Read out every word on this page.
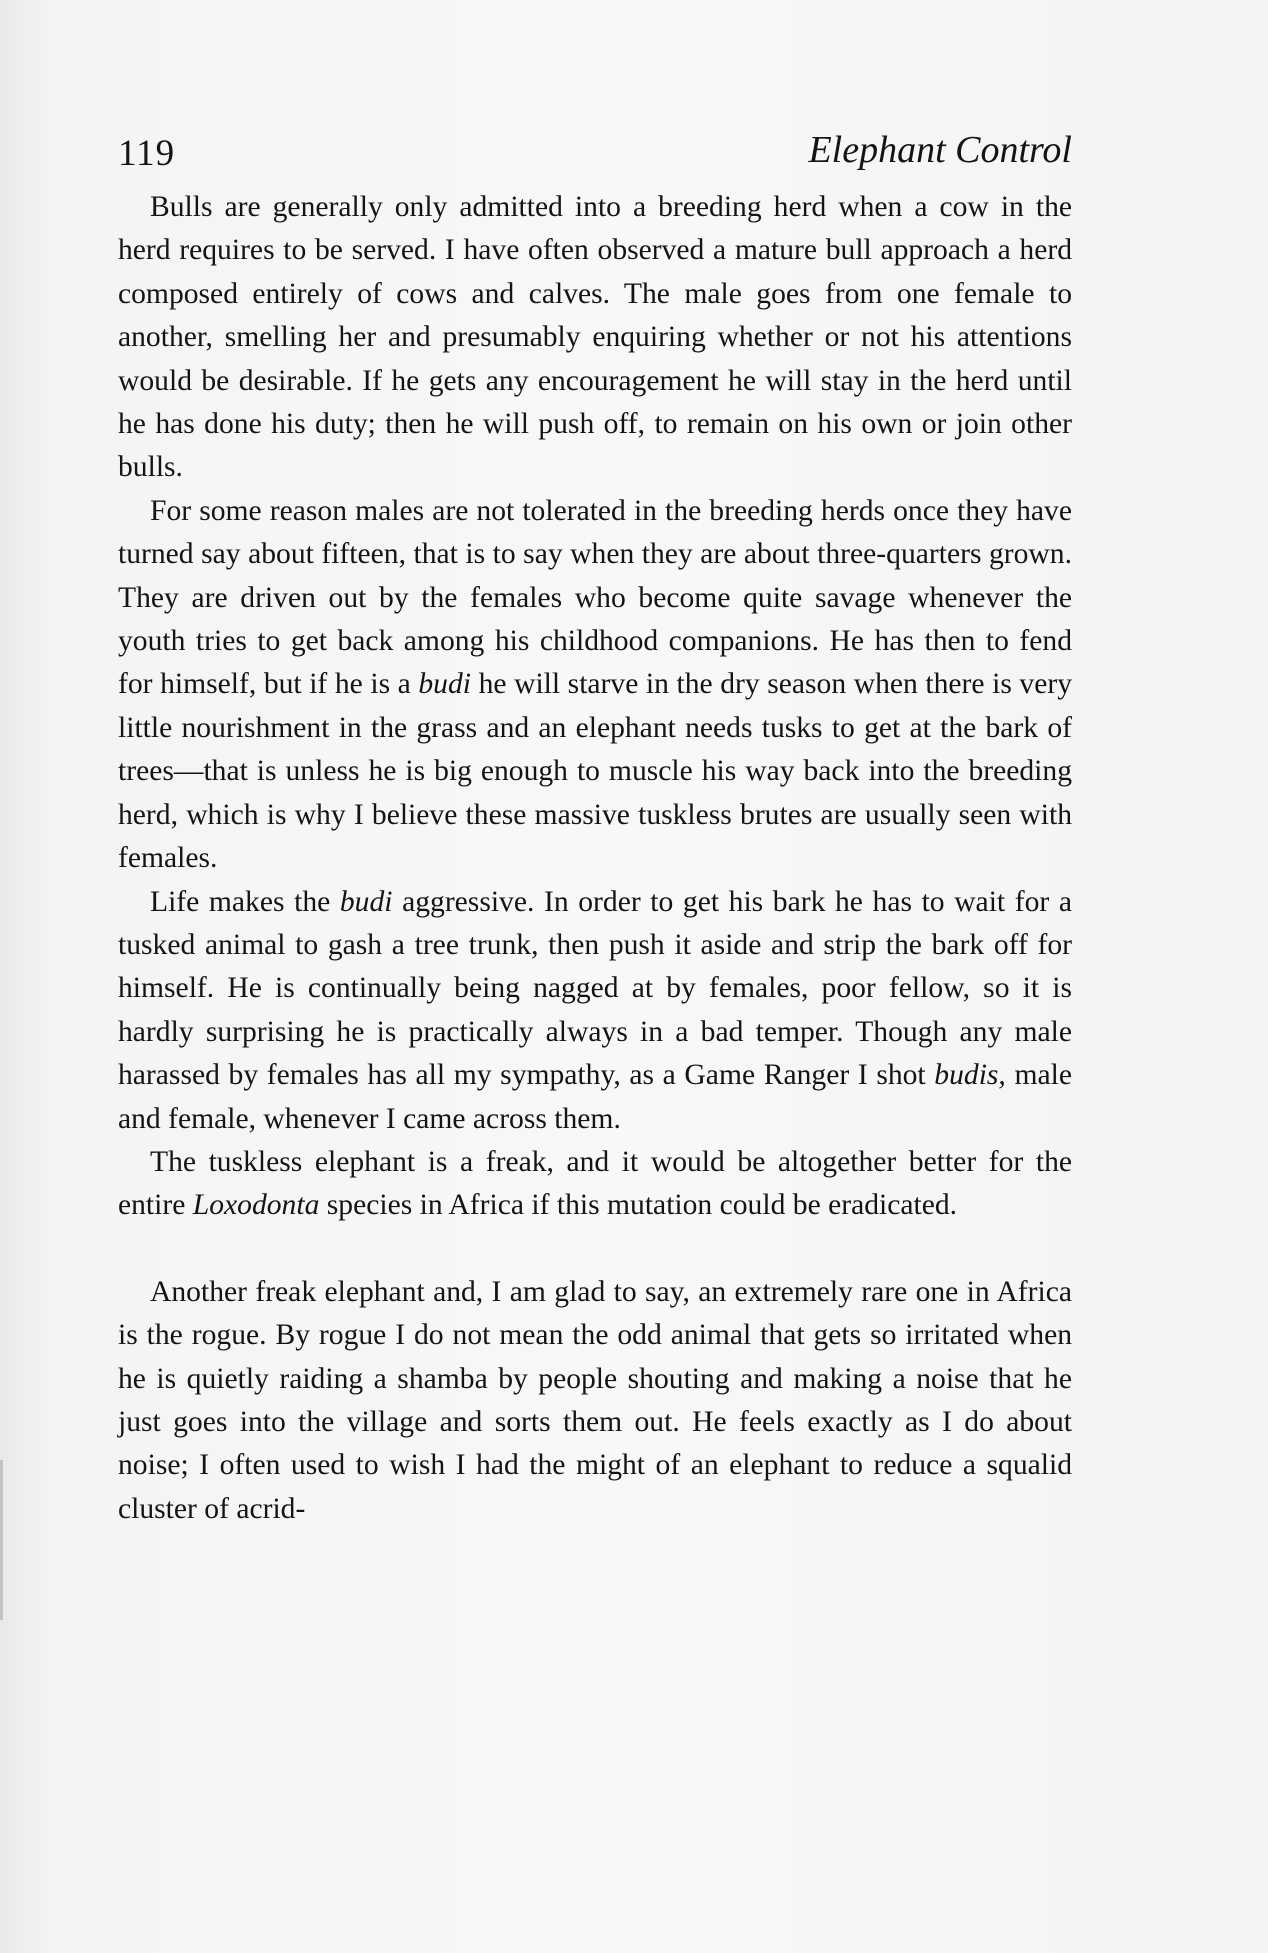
119	Elephant Control

Bulls are generally only admitted into a breeding herd when a cow in the herd requires to be served. I have often observed a mature bull approach a herd composed entirely of cows and calves. The male goes from one female to another, smelling her and presumably enquiring whether or not his attentions would be desirable. If he gets any encouragement he will stay in the herd until he has done his duty; then he will push off, to remain on his own or join other bulls.

For some reason males are not tolerated in the breeding herds once they have turned say about fifteen, that is to say when they are about three-quarters grown. They are driven out by the females who become quite savage whenever the youth tries to get back among his childhood companions. He has then to fend for himself, but if he is a budi he will starve in the dry season when there is very little nourishment in the grass and an elephant needs tusks to get at the bark of trees—that is unless he is big enough to muscle his way back into the breeding herd, which is why I believe these massive tuskless brutes are usually seen with females.

Life makes the budi aggressive. In order to get his bark he has to wait for a tusked animal to gash a tree trunk, then push it aside and strip the bark off for himself. He is continually being nagged at by females, poor fellow, so it is hardly surprising he is practically always in a bad temper. Though any male harassed by females has all my sympathy, as a Game Ranger I shot budis, male and female, whenever I came across them.

The tuskless elephant is a freak, and it would be altogether better for the entire Loxodonta species in Africa if this mutation could be eradicated.

Another freak elephant and, I am glad to say, an extremely rare one in Africa is the rogue. By rogue I do not mean the odd animal that gets so irritated when he is quietly raiding a shamba by people shouting and making a noise that he just goes into the village and sorts them out. He feels exactly as I do about noise; I often used to wish I had the might of an elephant to reduce a squalid cluster of acrid-
